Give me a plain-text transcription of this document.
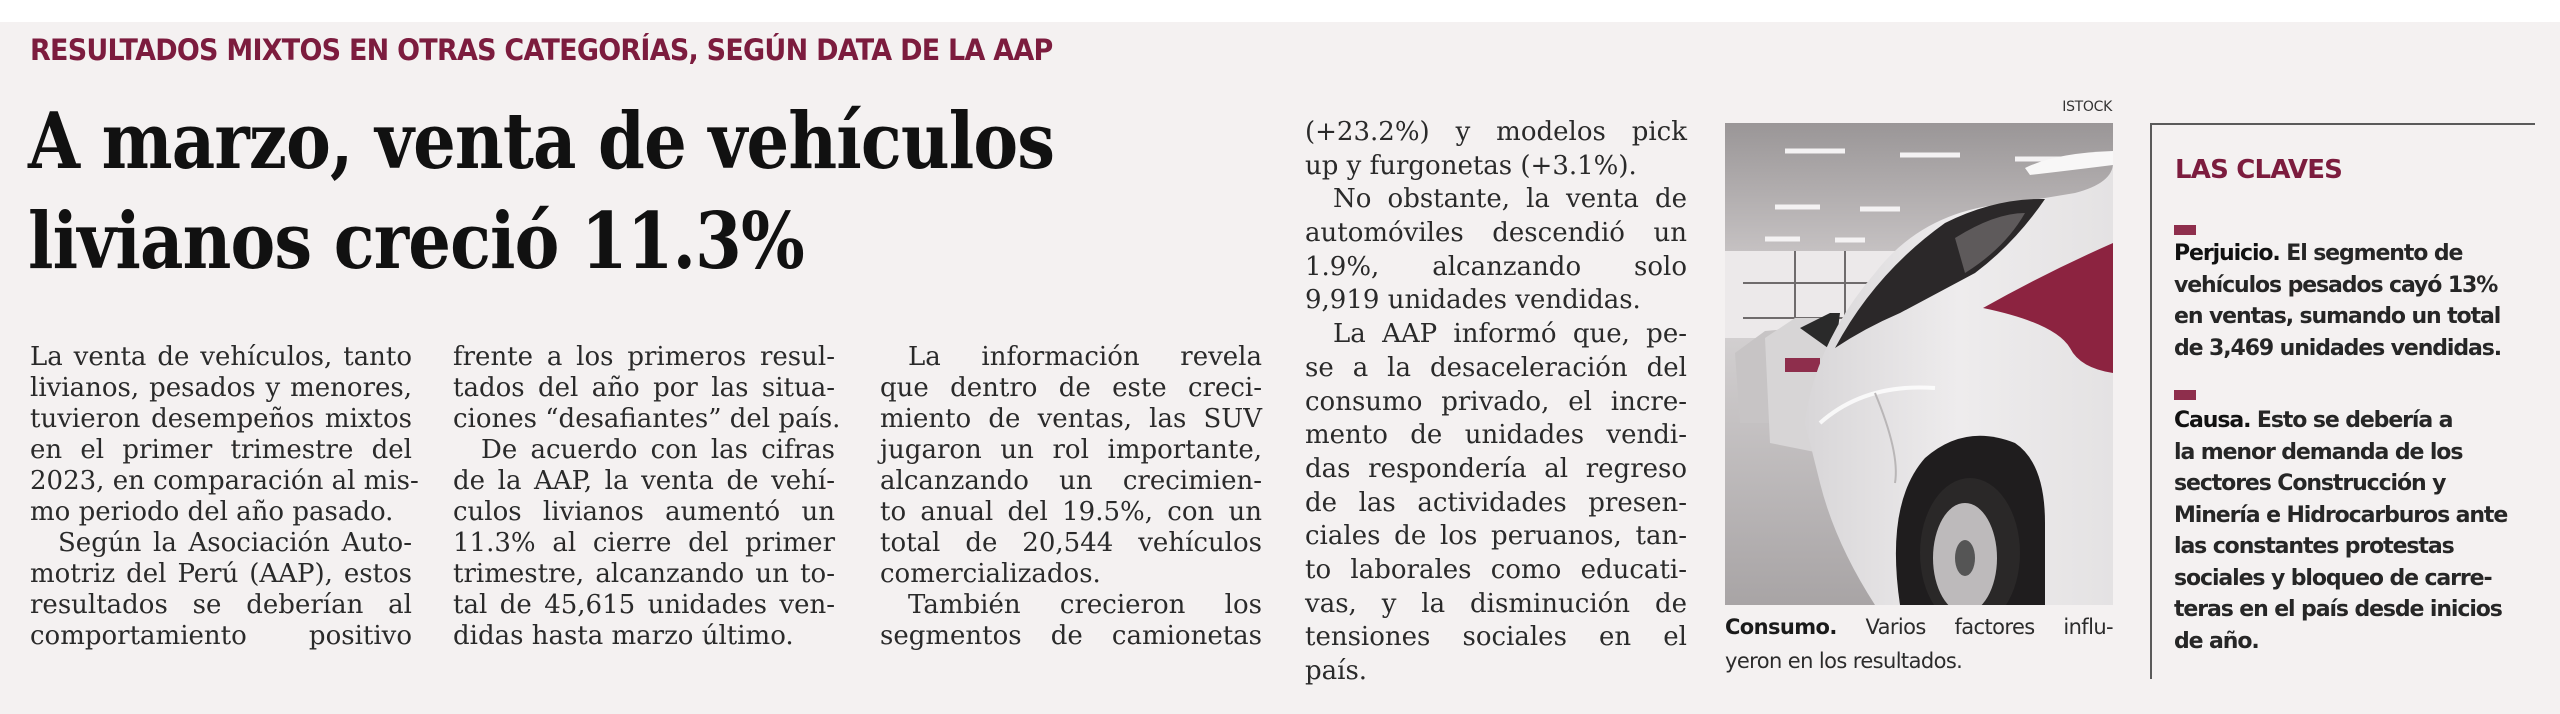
RESULTADOS MIXTOS EN OTRAS CATEGORÍAS, SEGÚN DATA DE LA AAP
A marzo, venta de vehículos
livianos creció 11.3%
La venta de vehículos, tanto
livianos, pesados y menores,
tuvieron desempeños mixtos
en el primer trimestre del
2023, en comparación al mis-
mo periodo del año pasado.
Según la Asociación Auto-
motriz del Perú (AAP), estos
resultados se deberían al
comportamiento positivo
frente a los primeros resul-
tados del año por las situa-
ciones “desafiantes” del país.
De acuerdo con las cifras
de la AAP, la venta de vehí-
culos livianos aumentó un
11.3% al cierre del primer
trimestre, alcanzando un to-
tal de 45,615 unidades ven-
didas hasta marzo último.
La información revela
que dentro de este creci-
miento de ventas, las SUV
jugaron un rol importante,
alcanzando un crecimien-
to anual del 19.5%, con un
total de 20,544 vehículos
comercializados.
También crecieron los
segmentos de camionetas
(+23.2%) y modelos pick
up y furgonetas (+3.1%).
No obstante, la venta de
automóviles descendió un
1.9%, alcanzando solo
9,919 unidades vendidas.
La AAP informó que, pe-
se a la desaceleración del
consumo privado, el incre-
mento de unidades vendi-
das respondería al regreso
de las actividades presen-
ciales de los peruanos, tan-
to laborales como educati-
vas, y la disminución de
tensiones sociales en el
país.
ISTOCK
Consumo. Varios factores influ-
yeron en los resultados.
LAS CLAVES
Perjuicio. El segmento de
vehículos pesados cayó 13%
en ventas, sumando un total
de 3,469 unidades vendidas.
Causa. Esto se debería a
la menor demanda de los
sectores Construcción y
Minería e Hidrocarburos ante
las constantes protestas
sociales y bloqueo de carre-
teras en el país desde inicios
de año.
